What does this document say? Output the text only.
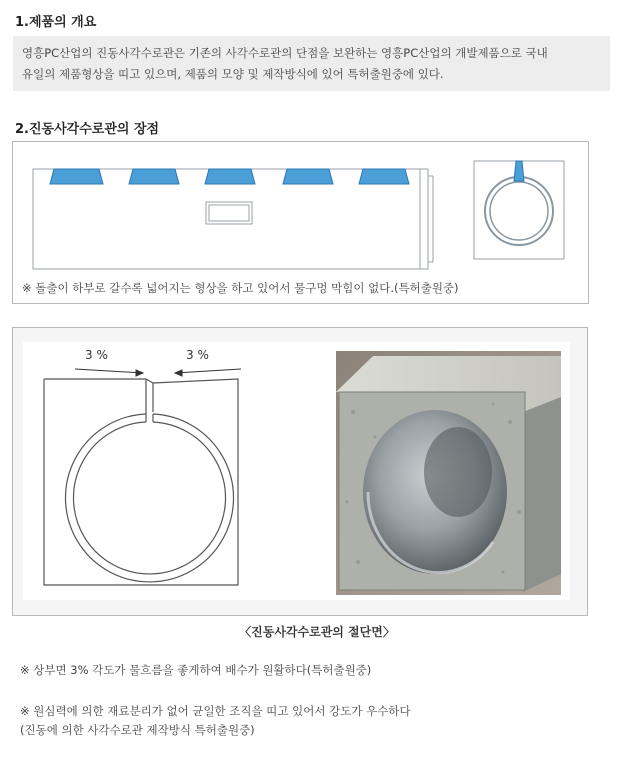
1.제품의 개요
영흥PC산업의 진동사각수로관은 기존의 사각수로관의 단점을 보완하는 영흥PC산업의 개발제품으로 국내
유일의 제품형상을 띠고 있으며, 제품의 모양 및 제작방식에 있어 특허출원중에 있다.
2.진동사각수로관의 장점
※ 돌출이 하부로 갈수록 넓어지는 형상을 하고 있어서 물구멍 막힘이 없다.(특허출원중)
3 %	3 %
〈진동사각수로관의 절단면〉
※ 상부면 3% 각도가 물흐름을 좋게하여 배수가 원활하다(특허출원중)
※ 원심력에 의한 재료분리가 없어 균일한 조직을 띠고 있어서 강도가 우수하다
(진동에 의한 사각수로관 제작방식 특허출원중)
